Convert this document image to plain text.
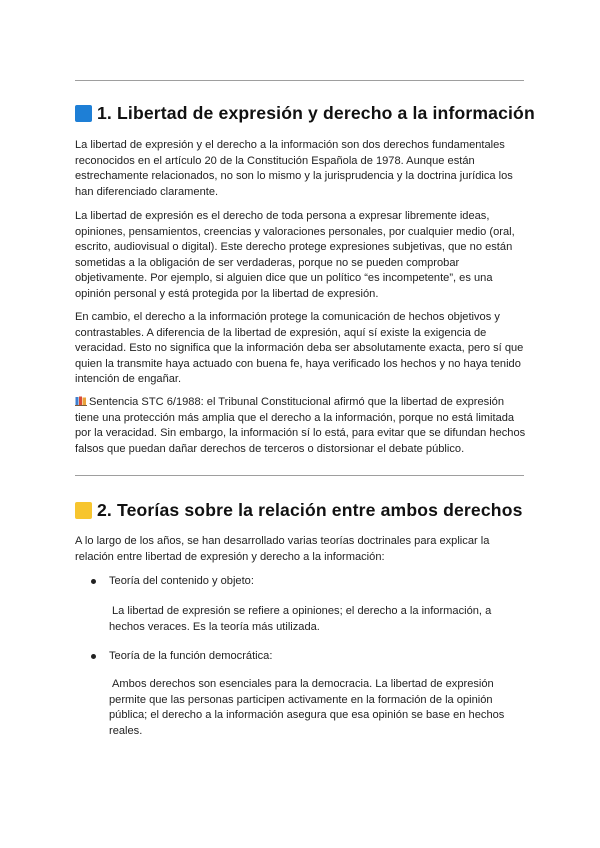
1. Libertad de expresión y derecho a la información

La libertad de expresión y el derecho a la información son dos derechos fundamentales reconocidos en el artículo 20 de la Constitución Española de 1978. Aunque están estrechamente relacionados, no son lo mismo y la jurisprudencia y la doctrina jurídica los han diferenciado claramente.

La libertad de expresión es el derecho de toda persona a expresar libremente ideas, opiniones, pensamientos, creencias y valoraciones personales, por cualquier medio (oral, escrito, audiovisual o digital). Este derecho protege expresiones subjetivas, que no están sometidas a la obligación de ser verdaderas, porque no se pueden comprobar objetivamente. Por ejemplo, si alguien dice que un político “es incompetente”, es una opinión personal y está protegida por la libertad de expresión.

En cambio, el derecho a la información protege la comunicación de hechos objetivos y contrastables. A diferencia de la libertad de expresión, aquí sí existe la exigencia de veracidad. Esto no significa que la información deba ser absolutamente exacta, pero sí que quien la transmite haya actuado con buena fe, haya verificado los hechos y no haya tenido intención de engañar.

Sentencia STC 6/1988: el Tribunal Constitucional afirmó que la libertad de expresión tiene una protección más amplia que el derecho a la información, porque no está limitada por la veracidad. Sin embargo, la información sí lo está, para evitar que se difundan hechos falsos que puedan dañar derechos de terceros o distorsionar el debate público.

2. Teorías sobre la relación entre ambos derechos

A lo largo de los años, se han desarrollado varias teorías doctrinales para explicar la relación entre libertad de expresión y derecho a la información:

Teoría del contenido y objeto:

La libertad de expresión se refiere a opiniones; el derecho a la información, a hechos veraces. Es la teoría más utilizada.

Teoría de la función democrática:

Ambos derechos son esenciales para la democracia. La libertad de expresión permite que las personas participen activamente en la formación de la opinión pública; el derecho a la información asegura que esa opinión se base en hechos reales.
